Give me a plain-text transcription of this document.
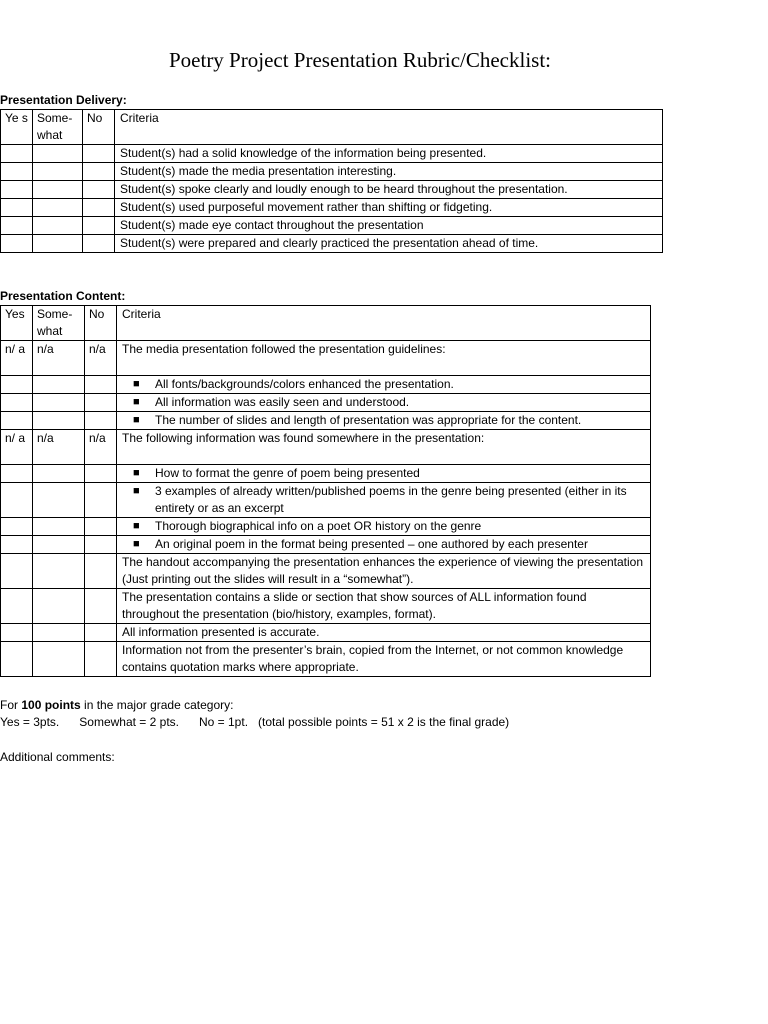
Poetry Project Presentation Rubric/Checklist:
Presentation Delivery:
Ye s	Some-what	No	Criteria
			Student(s) had a solid knowledge of the information being presented.
			Student(s) made the media presentation interesting.
			Student(s) spoke clearly and loudly enough to be heard throughout the presentation.
			Student(s) used purposeful movement rather than shifting or fidgeting.
			Student(s) made eye contact throughout the presentation
			Student(s) were prepared and clearly practiced the presentation ahead of time.
Presentation Content:
Yes	Some-what	No	Criteria
n/ a	n/a	n/a	The media presentation followed the presentation guidelines:

			■ All fonts/backgrounds/colors enhanced the presentation.

			■ All information was easily seen and understood.

			■ The number of slides and length of presentation was appropriate for the content.
n/ a	n/a	n/a	The following information was found somewhere in the presentation:

			■ How to format the genre of poem being presented

			■ 3 examples of already written/published poems in the genre being presented (either in its entirety or as an excerpt

			■ Thorough biographical info on a poet OR history on the genre

			■ An original poem in the format being presented – one authored by each presenter
			The handout accompanying the presentation enhances the experience of viewing the presentation (Just printing out the slides will result in a “somewhat”).
			The presentation contains a slide or section that show sources of ALL information found throughout the presentation (bio/history, examples, format).
			All information presented is accurate.
			Information not from the presenter’s brain, copied from the Internet, or not common knowledge contains quotation marks where appropriate.
For 100 points in the major grade category:
Yes = 3pts.      Somewhat = 2 pts.      No = 1pt.   (total possible points = 51 x 2 is the final grade)
Additional comments:
